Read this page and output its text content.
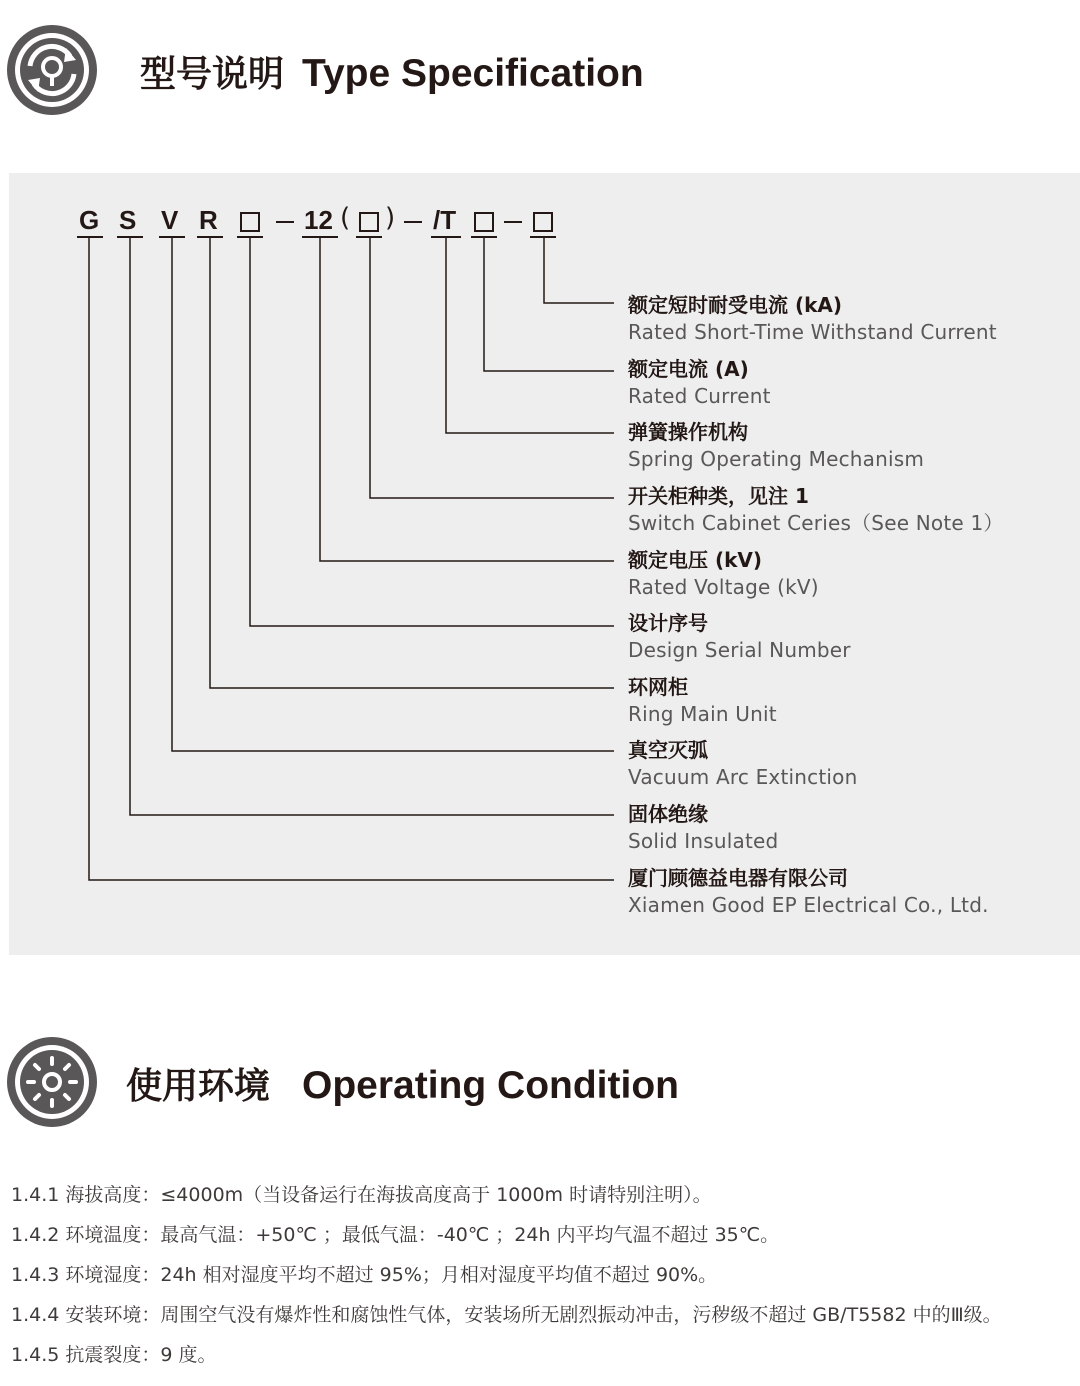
型号说明 Type Specification
G S V R	12 ( ) /T
额定短时耐受电流 (kA)
Rated Short-Time Withstand Current
额定电流 (A)
Rated Current
弹簧操作机构
Spring Operating Mechanism
开关柜种类，见注 1
Switch Cabinet Ceries（See Note 1）
额定电压 (kV)
Rated Voltage (kV)
设计序号
Design Serial Number
环网柜
Ring Main Unit
真空灭弧
Vacuum Arc Extinction
固体绝缘
Solid Insulated
厦门顾德益电器有限公司
Xiamen Good EP Electrical Co., Ltd.
使用环境 Operating Condition
1.4.1 海拔高度：≤4000m（当设备运行在海拔高度高于 1000m 时请特别注明）。
1.4.2 环境温度：最高气温：+50℃ ；最低气温：-40℃ ；24h 内平均气温不超过 35℃。
1.4.3 环境湿度：24h 相对湿度平均不超过 95%；月相对湿度平均值不超过 90%。
1.4.4 安装环境：周围空气没有爆炸性和腐蚀性气体，安装场所无剧烈振动冲击，污秽级不超过 GB/T5582 中的Ⅲ级。
1.4.5 抗震裂度：9 度。
